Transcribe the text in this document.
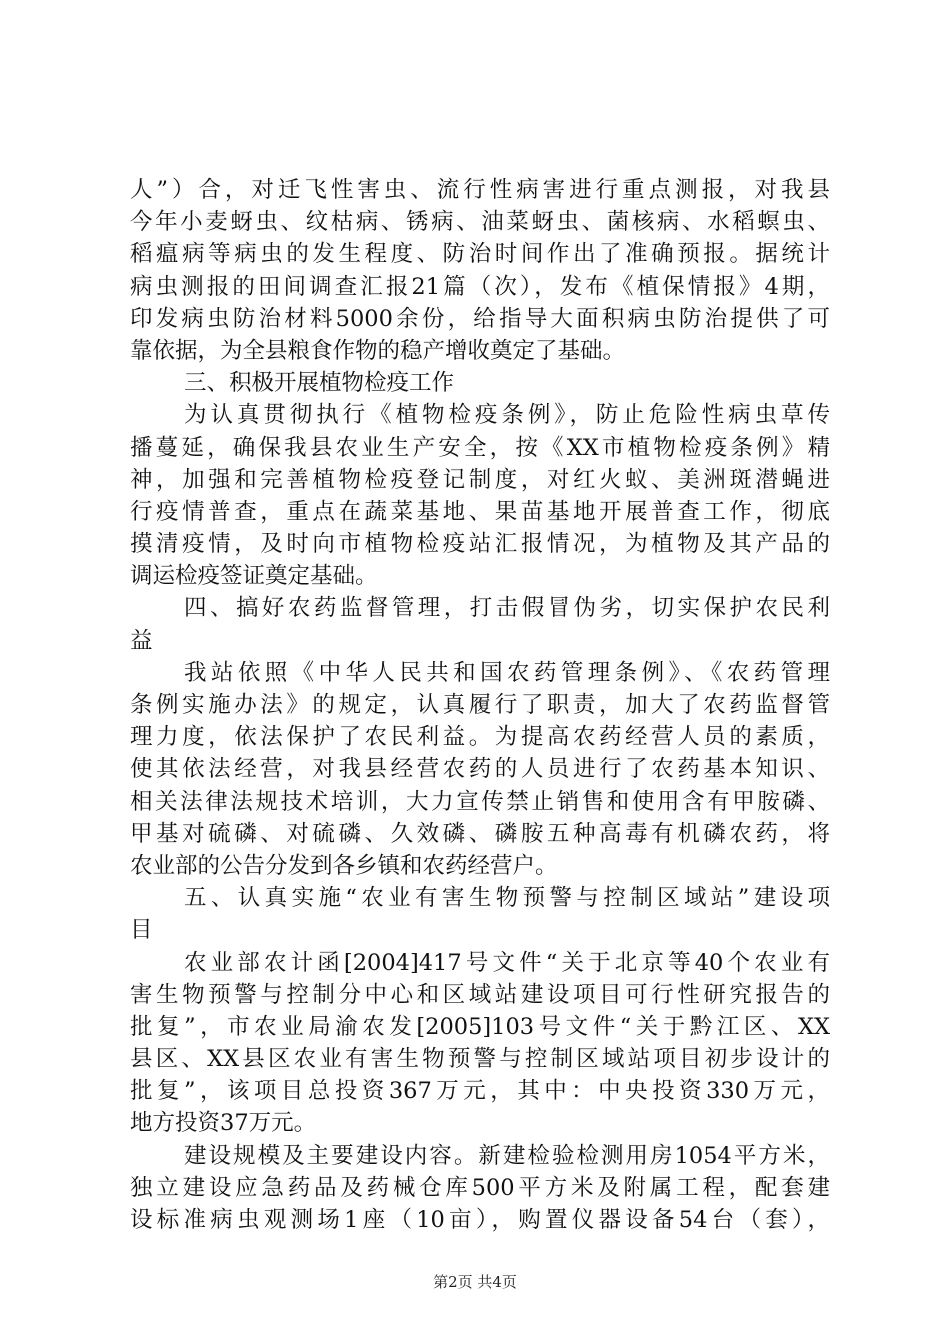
人”）合，对迁飞性害虫、流行性病害进行重点测报，对我县
今年小麦蚜虫、纹枯病、锈病、油菜蚜虫、菌核病、水稻螟虫、
稻瘟病等病虫的发生程度、防治时间作出了准确预报。据统计
病虫测报的田间调查汇报21篇（次），发布《植保情报》4期，
印发病虫防治材料5000余份，给指导大面积病虫防治提供了可
靠依据，为全县粮食作物的稳产增收奠定了基础。
三、积极开展植物检疫工作
为认真贯彻执行《植物检疫条例》，防止危险性病虫草传
播蔓延，确保我县农业生产安全，按《XX市植物检疫条例》精
神，加强和完善植物检疫登记制度，对红火蚁、美洲斑潜蝇进
行疫情普查，重点在蔬菜基地、果苗基地开展普查工作，彻底
摸清疫情，及时向市植物检疫站汇报情况，为植物及其产品的
调运检疫签证奠定基础。
四、搞好农药监督管理，打击假冒伪劣，切实保护农民利
益
我站依照《中华人民共和国农药管理条例》、《农药管理
条例实施办法》的规定，认真履行了职责，加大了农药监督管
理力度，依法保护了农民利益。为提高农药经营人员的素质，
使其依法经营，对我县经营农药的人员进行了农药基本知识、
相关法律法规技术培训，大力宣传禁止销售和使用含有甲胺磷、
甲基对硫磷、对硫磷、久效磷、磷胺五种高毒有机磷农药，将
农业部的公告分发到各乡镇和农药经营户。
五、认真实施“农业有害生物预警与控制区域站”建设项
目
农业部农计函[2004]417号文件“关于北京等40个农业有
害生物预警与控制分中心和区域站建设项目可行性研究报告的
批复”，市农业局渝农发[2005]103号文件“关于黔江区、XX
县区、XX县区农业有害生物预警与控制区域站项目初步设计的
批复”，该项目总投资367万元，其中：中央投资330万元，
地方投资37万元。
建设规模及主要建设内容。新建检验检测用房1054平方米，
独立建设应急药品及药械仓库500平方米及附属工程，配套建
设标准病虫观测场1座（10亩），购置仪器设备54台（套），
第2页 共4页
